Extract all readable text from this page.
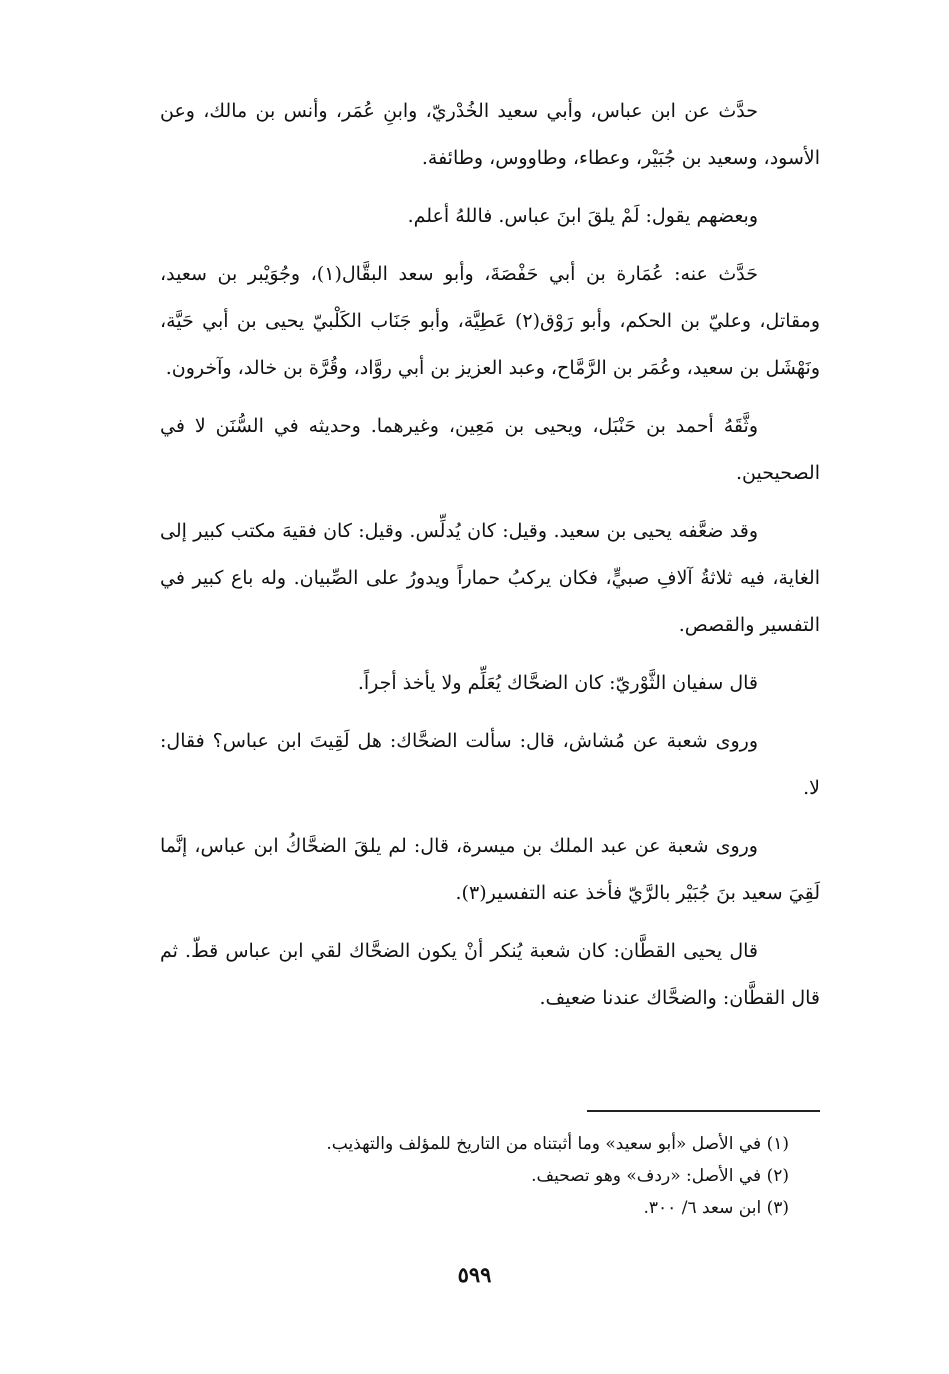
حدَّث عن ابن عباس، وأبي سعيد الخُدْريّ، وابنِ عُمَر، وأنس بن مالك، وعن الأسود، وسعيد بن جُبَيْر، وعطاء، وطاووس، وطائفة.

وبعضهم يقول: لَمْ يلقَ ابنَ عباس. فاللهُ أعلم.

حَدَّث عنه: عُمَارة بن أبي حَفْصَةَ، وأبو سعد البقَّال(١)، وجُوَيْبر بن سعيد، ومقاتل، وعليّ بن الحكم، وأبو رَوْق(٢) عَطِيَّة، وأبو جَنَاب الكَلْبيّ يحيى بن أبي حَيَّة، ونَهْشَل بن سعيد، وعُمَر بن الرَّمَّاح، وعبد العزيز بن أبي روَّاد، وقُرَّة بن خالد، وآخرون.

وثَّقَهُ أحمد بن حَنْبَل، ويحيى بن مَعِين، وغيرهما. وحديثه في السُّنَن لا في الصحيحين.

وقد ضعَّفه يحيى بن سعيد. وقيل: كان يُدلِّس. وقيل: كان فقيهَ مكتب كبير إلى الغاية، فيه ثلاثةُ آلافِ صبيٍّ، فكان يركبُ حماراً ويدورُ على الصِّبيان. وله باع كبير في التفسير والقصص.

قال سفيان الثَّوْريّ: كان الضحَّاك يُعَلِّم ولا يأخذ أجراً.

وروى شعبة عن مُشاش، قال: سألت الضحَّاك: هل لَقِيتَ ابن عباس؟ فقال: لا.

وروى شعبة عن عبد الملك بن ميسرة، قال: لم يلقَ الضحَّاكُ ابن عباس، إنَّما لَقِيَ سعيد بنَ جُبَيْر بالرَّيّ فأخذ عنه التفسير(٣).

قال يحيى القطَّان: كان شعبة يُنكر أنْ يكون الضحَّاك لقي ابن عباس قطّ. ثم قال القطَّان: والضحَّاك عندنا ضعيف.

(١) في الأصل «أبو سعيد» وما أثبتناه من التاريخ للمؤلف والتهذيب.

(٢) في الأصل: «ردف» وهو تصحيف.

(٣) ابن سعد ٦/ ٣٠٠.

٥٩٩
